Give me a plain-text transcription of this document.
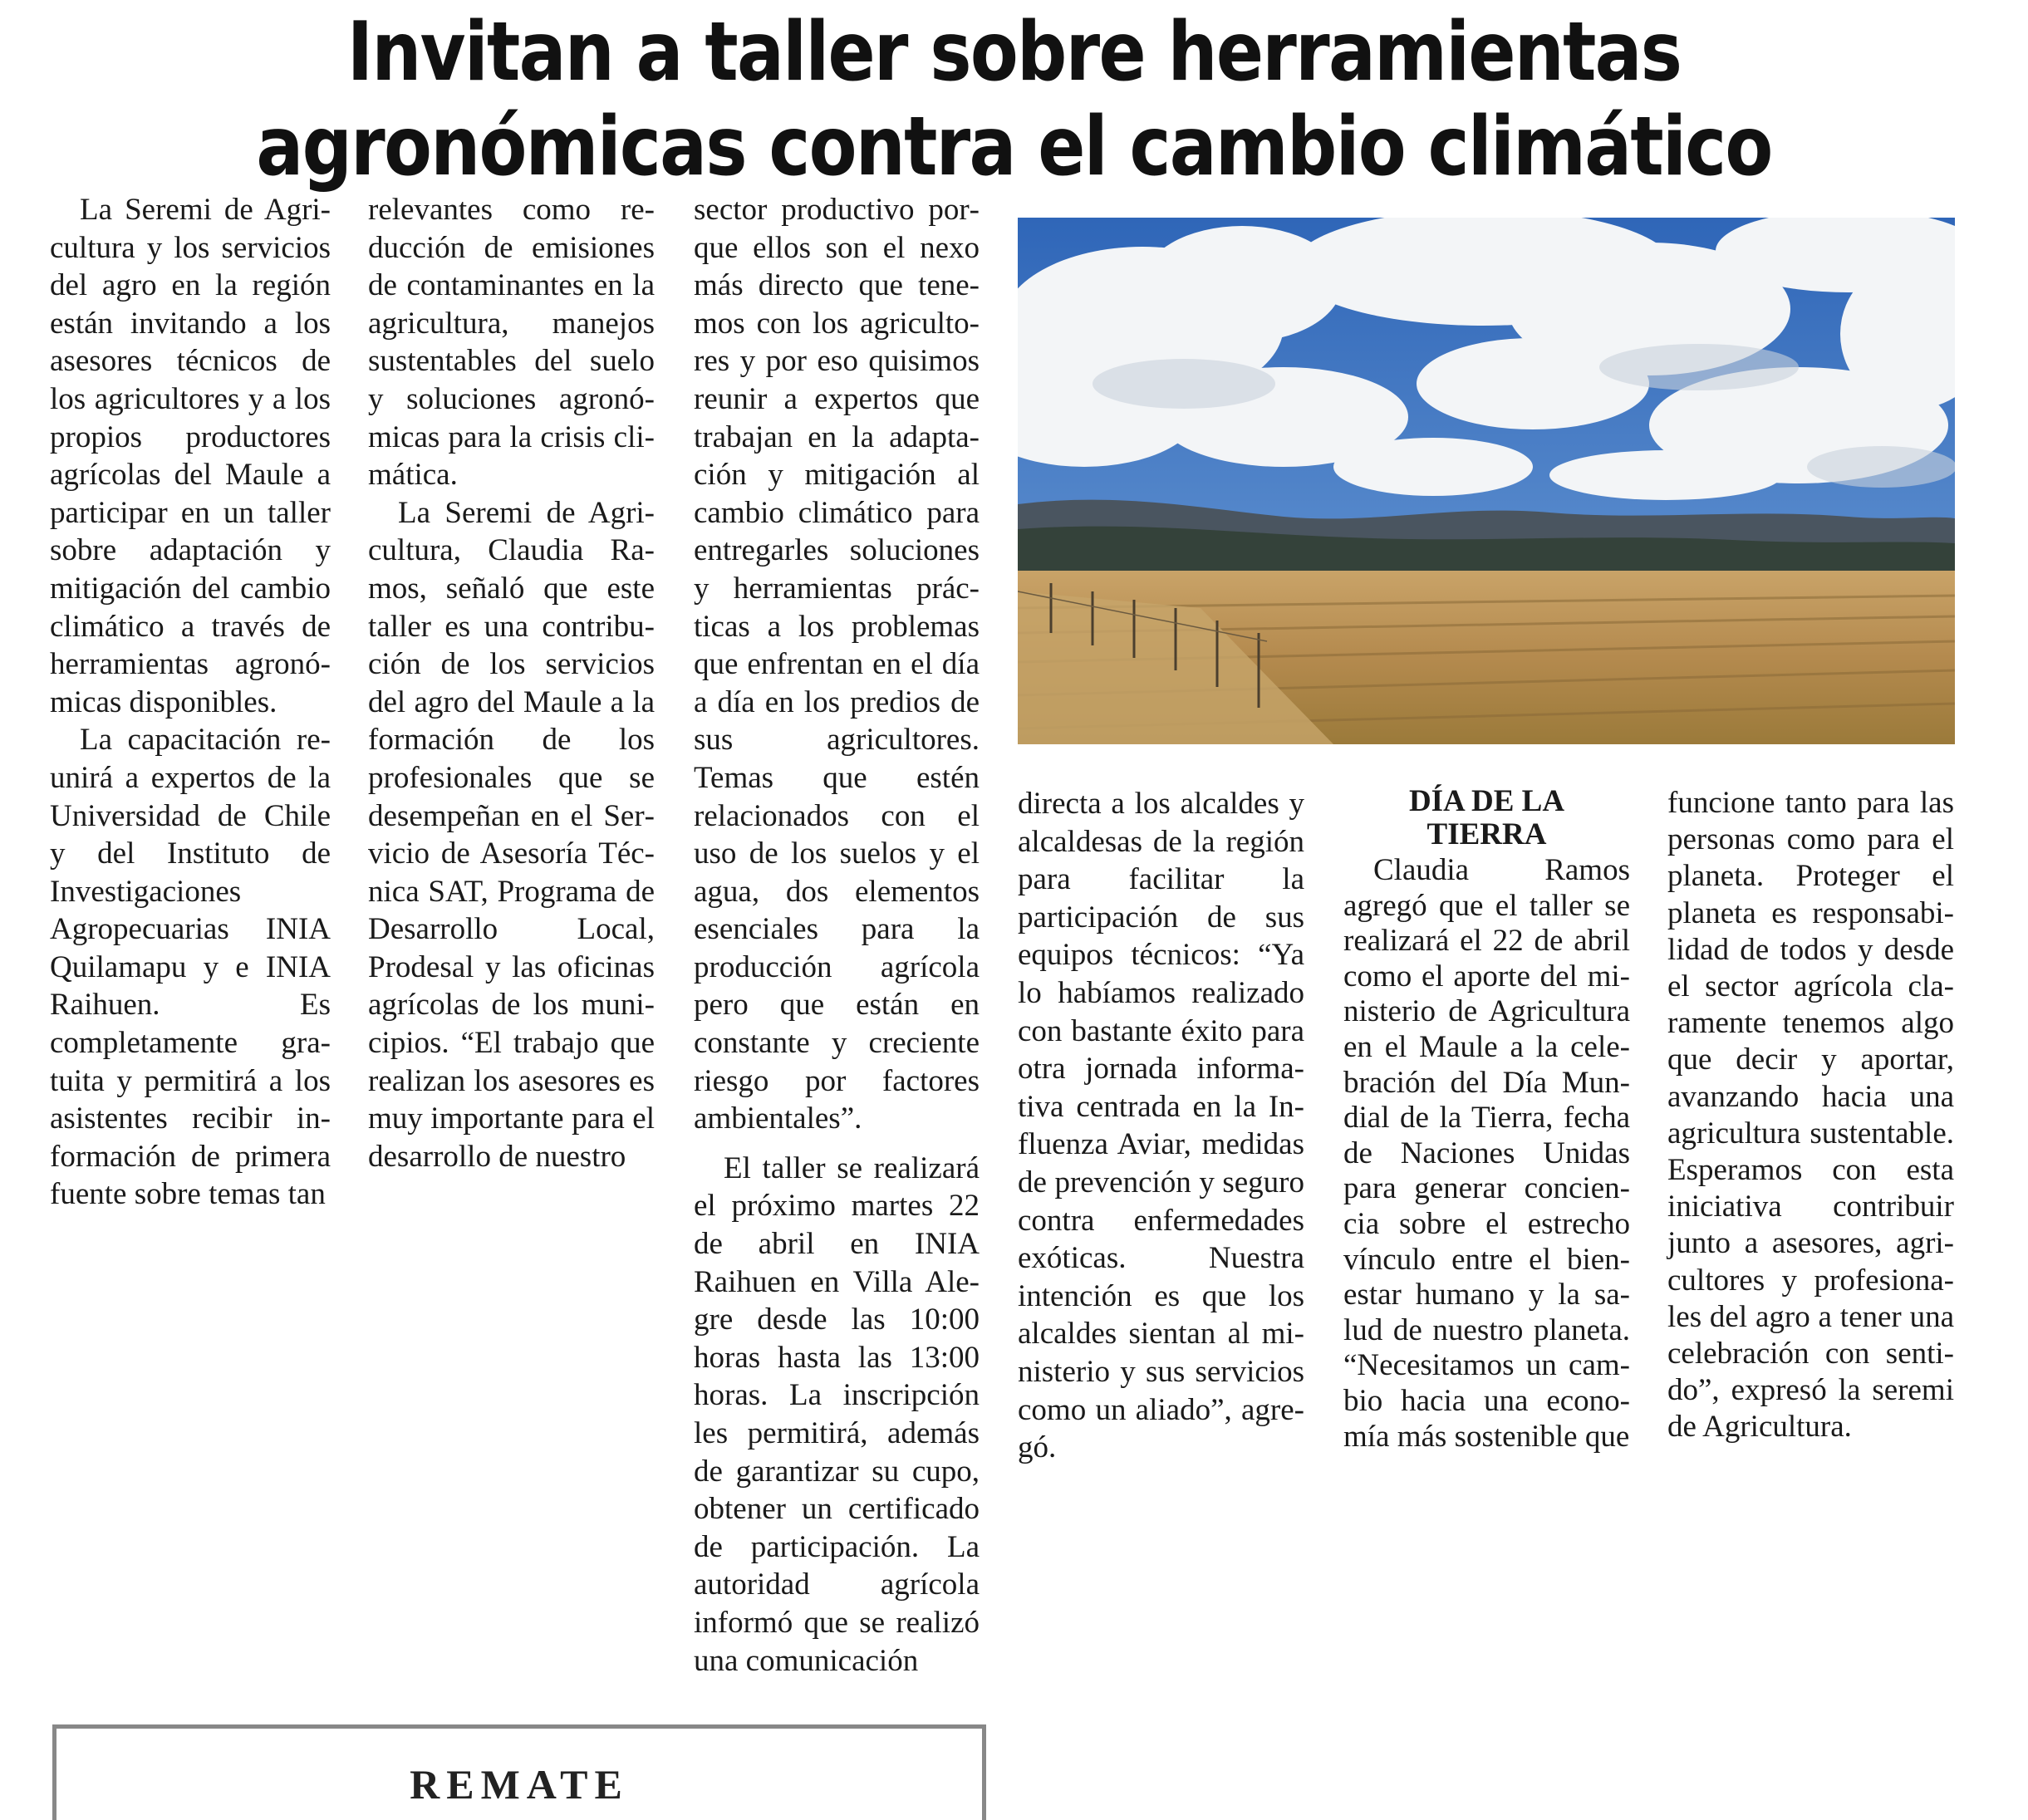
Invitan a taller sobre herramientas
agronómicas contra el cambio climático

La Seremi de Agricultura y los servicios del agro en la región están invitando a los asesores técnicos de los agricultores y a los propios productores agrícolas del Maule a participar en un taller sobre adaptación y mitigación del cambio climático a través de herramientas agronómicas disponibles.

La capacitación reunirá a expertos de la Universidad de Chile y del Instituto de Investigaciones Agropecuarias INIA Quilamapu y e INIA Raihuen. Es completamente gratuita y permitirá a los asistentes recibir información de primera fuente sobre temas tan

relevantes como reducción de emisiones de contaminantes en la agricultura, manejos sustentables del suelo y soluciones agronómicas para la crisis climática.

La Seremi de Agricultura, Claudia Ramos, señaló que este taller es una contribución de los servicios del agro del Maule a la formación de los profesionales que se desempeñan en el Servicio de Asesoría Técnica SAT, Programa de Desarrollo Local, Prodesal y las oficinas agrícolas de los municipios. “El trabajo que realizan los asesores es muy importante para el desarrollo de nuestro

sector productivo porque ellos son el nexo más directo que tenemos con los agricultores y por eso quisimos reunir a expertos que trabajan en la adaptación y mitigación al cambio climático para entregarles soluciones y herramientas prácticas a los problemas que enfrentan en el día a día en los predios de sus agricultores. Temas que estén relacionados con el uso de los suelos y el agua, dos elementos esenciales para la producción agrícola pero que están en constante y creciente riesgo por factores ambientales”.

El taller se realizará el próximo martes 22 de abril en INIA Raihuen en Villa Alegre desde las 10:00 horas hasta las 13:00 horas. La inscripción les permitirá, además de garantizar su cupo, obtener un certificado de participación. La autoridad agrícola informó que se realizó una comunicación

directa a los alcaldes y alcaldesas de la región para facilitar la participación de sus equipos técnicos: “Ya lo habíamos realizado con bastante éxito para otra jornada informativa centrada en la Influenza Aviar, medidas de prevención y seguro contra enfermedades exóticas. Nuestra intención es que los alcaldes sientan al ministerio y sus servicios como un aliado”, agregó.

DÍA DE LA
TIERRA

Claudia Ramos agregó que el taller se realizará el 22 de abril como el aporte del ministerio de Agricultura en el Maule a la celebración del Día Mundial de la Tierra, fecha de Naciones Unidas para generar conciencia sobre el estrecho vínculo entre el bienestar humano y la salud de nuestro planeta. “Necesitamos un cambio hacia una economía más sostenible que

funcione tanto para las personas como para el planeta. Proteger el planeta es responsabilidad de todos y desde el sector agrícola claramente tenemos algo que decir y aportar, avanzando hacia una agricultura sustentable. Esperamos con esta iniciativa contribuir junto a asesores, agricultores y profesionales del agro a tener una celebración con sentido”, expresó la seremi de Agricultura.

REMATE
